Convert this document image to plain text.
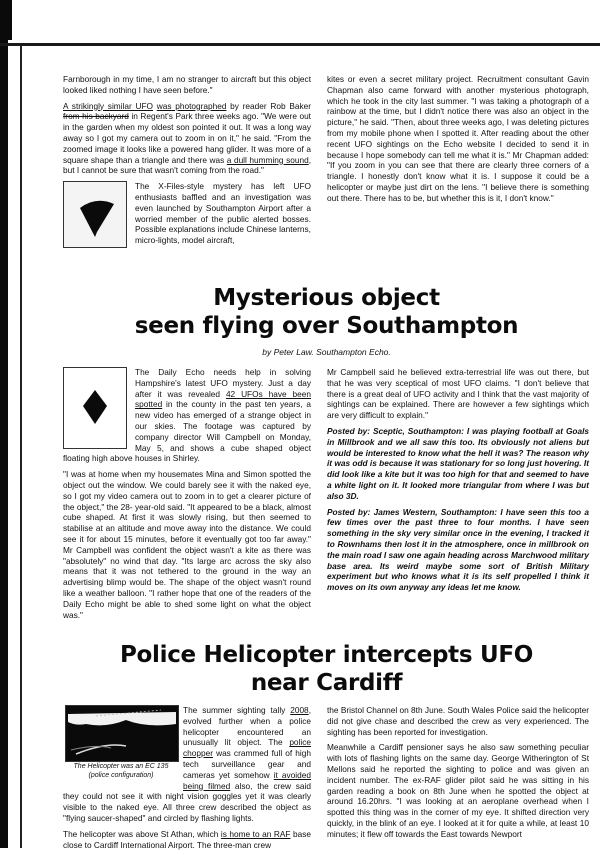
Farnborough in my time, I am no stranger to aircraft but this object looked liked nothing I have seen before."

A strikingly similar UFO was photographed by reader Rob Baker from his backyard in Regent's Park three weeks ago. "We were out in the garden when my oldest son pointed it out. It was a long way away so I got my camera out to zoom in on it," he said. "From the zoomed image it looks like a powered hang glider. It was more of a square shape than a triangle and there was a dull humming sound, but I cannot be sure that wasn't coming from the road."

The X-Files-style mystery has left UFO enthusiasts baffled and an investigation was even launched by Southampton Airport after a worried member of the public alerted bosses. Possible explanations include Chinese lanterns, micro-lights, model aircraft,

kites or even a secret military project. Recruitment consultant Gavin Chapman also came forward with another mysterious photograph, which he took in the city last summer. "I was taking a photograph of a rainbow at the time, but I didn't notice there was also an object in the picture," he said. "Then, about three weeks ago, I was deleting pictures from my mobile phone when I spotted it. After reading about the other recent UFO sightings on the Echo website I decided to send it in because I hope somebody can tell me what it is." Mr Chapman added: "If you zoom in you can see that there are clearly three corners of a triangle. I honestly don't know what it is. I suppose it could be a helicopter or maybe just dirt on the lens. "I believe there is something out there. There has to be, but whether this is it, I don't know."

Mysterious object
seen flying over Southampton

by Peter Law. Southampton Echo.

The Daily Echo needs help in solving Hampshire's latest UFO mystery. Just a day after it was revealed 42 UFOs have been spotted in the county in the past ten years, a new video has emerged of a strange object in our skies. The footage was captured by company director Will Campbell on Monday, May 5, and shows a cube shaped object floating high above houses in Shirley.

"I was at home when my housemates Mina and Simon spotted the object out the window. We could barely see it with the naked eye, so I got my video camera out to zoom in to get a clearer picture of the object," the 28- year-old said. "It appeared to be a black, almost cube shaped. At first it was slowly rising, but then seemed to stabilise at an altitude and move away into the distance. We could see it for about 15 minutes, before it eventually got too far away." Mr Campbell was confident the object wasn't a kite as there was "absolutely" no wind that day. "Its large arc across the sky also means that it was not tethered to the ground in the way an advertising blimp would be. The shape of the object wasn't round like a weather balloon. "I rather hope that one of the readers of the Daily Echo might be able to shed some light on what the object was."

Mr Campbell said he believed extra-terrestrial life was out there, but that he was very sceptical of most UFO claims. "I don't believe that there is a great deal of UFO activity and I think that the vast majority of sightings can be explained. There are however a few sightings which are very difficult to explain."

Posted by: Sceptic, Southampton: I was playing football at Goals in Millbrook and we all saw this too. Its obviously not aliens but would be interested to know what the hell it was? The reason why it was odd is because it was stationary for so long just hovering. It did look like a kite but it was too high for that and seemed to have a white light on it. It looked more triangular from where I was but also 3D.

Posted by: James Western, Southampton: I have seen this too a few times over the past three to four months. I have seen something in the sky very similar once in the evening, I tracked it to Rownhams then lost it in the atmosphere, once in millbrook on the main road I saw one again heading across Marchwood military base area. Its weird maybe some sort of British Military experiment but who knows what it is its self propelled I think it moves on its own anyway any ideas let me know.

Police Helicopter intercepts UFO
near Cardiff
The Helicopter was an EC 135
(police configuration)

The summer sighting tally 2008, evolved further when a police helicopter encountered an unusually lit object. The police chopper was crammed full of high tech surveillance gear and cameras yet somehow it avoided being filmed also, the crew said they could not see it with night vision goggles yet it was clearly visible to the naked eye. All three crew described the object as "flying saucer-shaped" and circled by flashing lights.

The helicopter was above St Athan, which is home to an RAF base close to Cardiff International Airport. The three-man crew

the Bristol Channel on 8th June. South Wales Police said the helicopter did not give chase and described the crew as very experienced. The sighting has been reported for investigation.

Meanwhile a Cardiff pensioner says he also saw something peculiar with lots of flashing lights on the same day. George Witherington of St Mellons said he reported the sighting to police and was given an incident number. The ex-RAF glider pilot said he was sitting in his garden reading a book on 8th June when he spotted the object at around 16.20hrs. "I was looking at an aeroplane overhead when I spotted this thing was in the corner of my eye. It shifted direction very quickly, in the blink of an eye. I looked at it for quite a while, at least 10 minutes; it flew off towards the East towards Newport
